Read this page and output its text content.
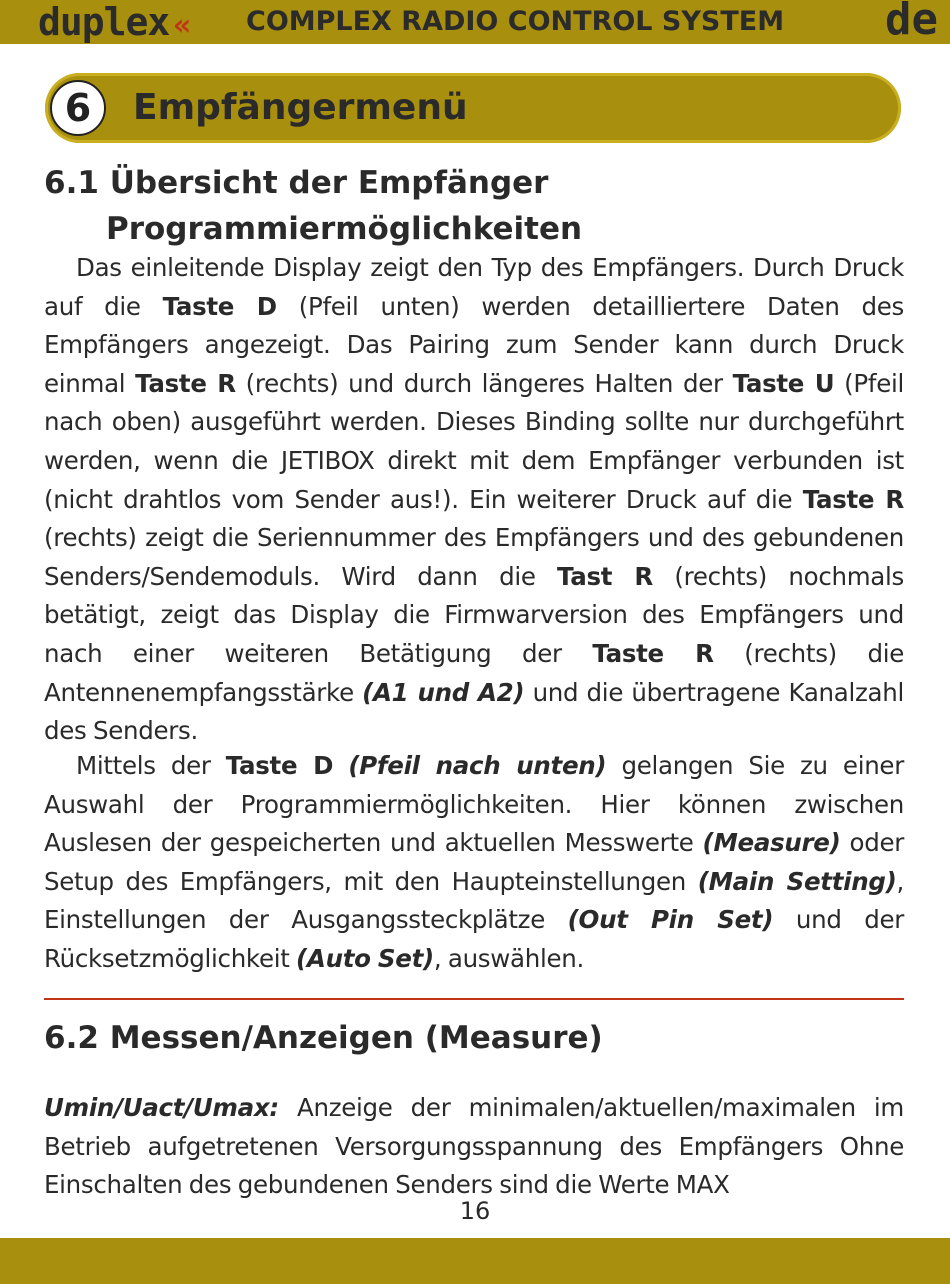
duplex « COMPLEX RADIO CONTROL SYSTEM de
6	Empfängermenü
6.1 Übersicht der Empfänger
Programmiermöglichkeiten
Das einleitende Display zeigt den Typ des Empfängers. Durch Druck auf die Taste D (Pfeil unten) werden detailliertere Daten des Empfängers angezeigt. Das Pairing zum Sender kann durch Druck einmal Taste R (rechts) und durch längeres Halten der Taste U (Pfeil nach oben) ausgeführt werden. Dieses Binding sollte nur durchgeführt werden, wenn die JETIBOX direkt mit dem Empfänger verbunden ist (nicht drahtlos vom Sender aus!). Ein weiterer Druck auf die Taste R (rechts) zeigt die Seriennummer des Empfängers und des gebundenen Senders/Sendemoduls. Wird dann die Tast R (rechts) nochmals betätigt, zeigt das Display die Firmwarversion des Empfängers und nach einer weiteren Betätigung der Taste R (rechts) die Antennenempfangsstärke (A1 und A2) und die übertragene Kanalzahl des Senders.
Mittels der Taste D (Pfeil nach unten) gelangen Sie zu einer Auswahl der Programmiermöglichkeiten. Hier können zwischen Auslesen der gespeicherten und aktuellen Messwerte (Measure) oder Setup des Empfängers, mit den Haupteinstellungen (Main Setting), Einstellungen der Ausgangssteckplätze (Out Pin Set) und der Rücksetzmöglichkeit (Auto Set), auswählen.
6.2 Messen/Anzeigen (Measure)
Umin/Uact/Umax: Anzeige der minimalen/aktuellen/maximalen im Betrieb aufgetretenen Versorgungsspannung des Empfängers Ohne Einschalten des gebundenen Senders sind die Werte MAX
16
